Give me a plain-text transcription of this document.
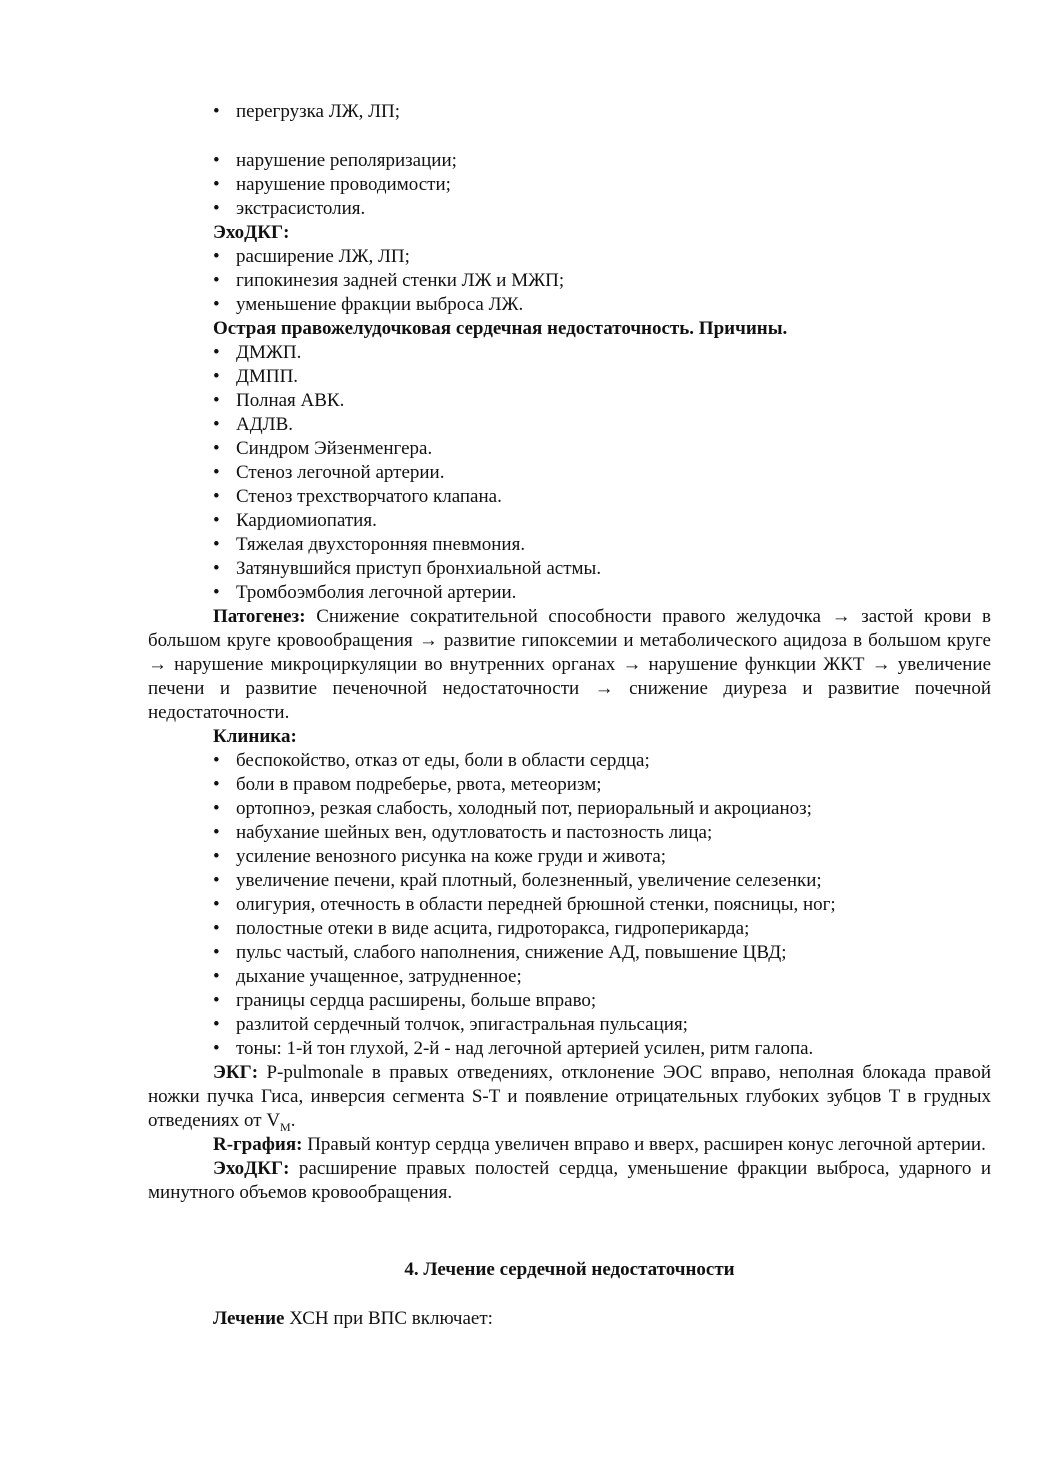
• перегрузка ЛЖ, ЛП;
• нарушение реполяризации;
• нарушение проводимости;
• экстрасистолия.
ЭхоДКГ:
• расширение ЛЖ, ЛП;
• гипокинезия задней стенки ЛЖ и МЖП;
• уменьшение фракции выброса ЛЖ.
Острая правожелудочковая сердечная недостаточность. Причины.
• ДМЖП.
• ДМПП.
• Полная АВК.
• АДЛВ.
• Синдром Эйзенменгера.
• Стеноз легочной артерии.
• Стеноз трехстворчатого клапана.
• Кардиомиопатия.
• Тяжелая двухсторонняя пневмония.
• Затянувшийся приступ бронхиальной астмы.
• Тромбоэмболия легочной артерии.
Патогенез: Снижение сократительной способности правого желудочка → застой крови в большом круге кровообращения → развитие гипоксемии и метаболического ацидоза в большом круге → нарушение микроциркуляции во внутренних органах → нарушение функции ЖКТ → увеличение печени и развитие печеночной недостаточности → снижение диуреза и развитие почечной недостаточности.
Клиника:
• беспокойство, отказ от еды, боли в области сердца;
• боли в правом подреберье, рвота, метеоризм;
• ортопноэ, резкая слабость, холодный пот, периоральный и акроцианоз;
• набухание шейных вен, одутловатость и пастозность лица;
• усиление венозного рисунка на коже груди и живота;
• увеличение печени, край плотный, болезненный, увеличение селезенки;
• олигурия, отечность в области передней брюшной стенки, поясницы, ног;
• полостные отеки в виде асцита, гидроторакса, гидроперикарда;
• пульс частый, слабого наполнения, снижение АД, повышение ЦВД;
• дыхание учащенное, затрудненное;
• границы сердца расширены, больше вправо;
• разлитой сердечный толчок, эпигастральная пульсация;
• тоны: 1-й тон глухой, 2-й - над легочной артерией усилен, ритм галопа.
ЭКГ: P-pulmonale в правых отведениях, отклонение ЭОС вправо, неполная блокада правой ножки пучка Гиса, инверсия сегмента S-T и появление отрицательных глубоких зубцов T в грудных отведениях от $V_M$.
R-графия: Правый контур сердца увеличен вправо и вверх, расширен конус легочной артерии.
ЭхоДКГ: расширение правых полостей сердца, уменьшение фракции выброса, ударного и минутного объемов кровообращения.
4. Лечение сердечной недостаточности
Лечение ХСН при ВПС включает:
